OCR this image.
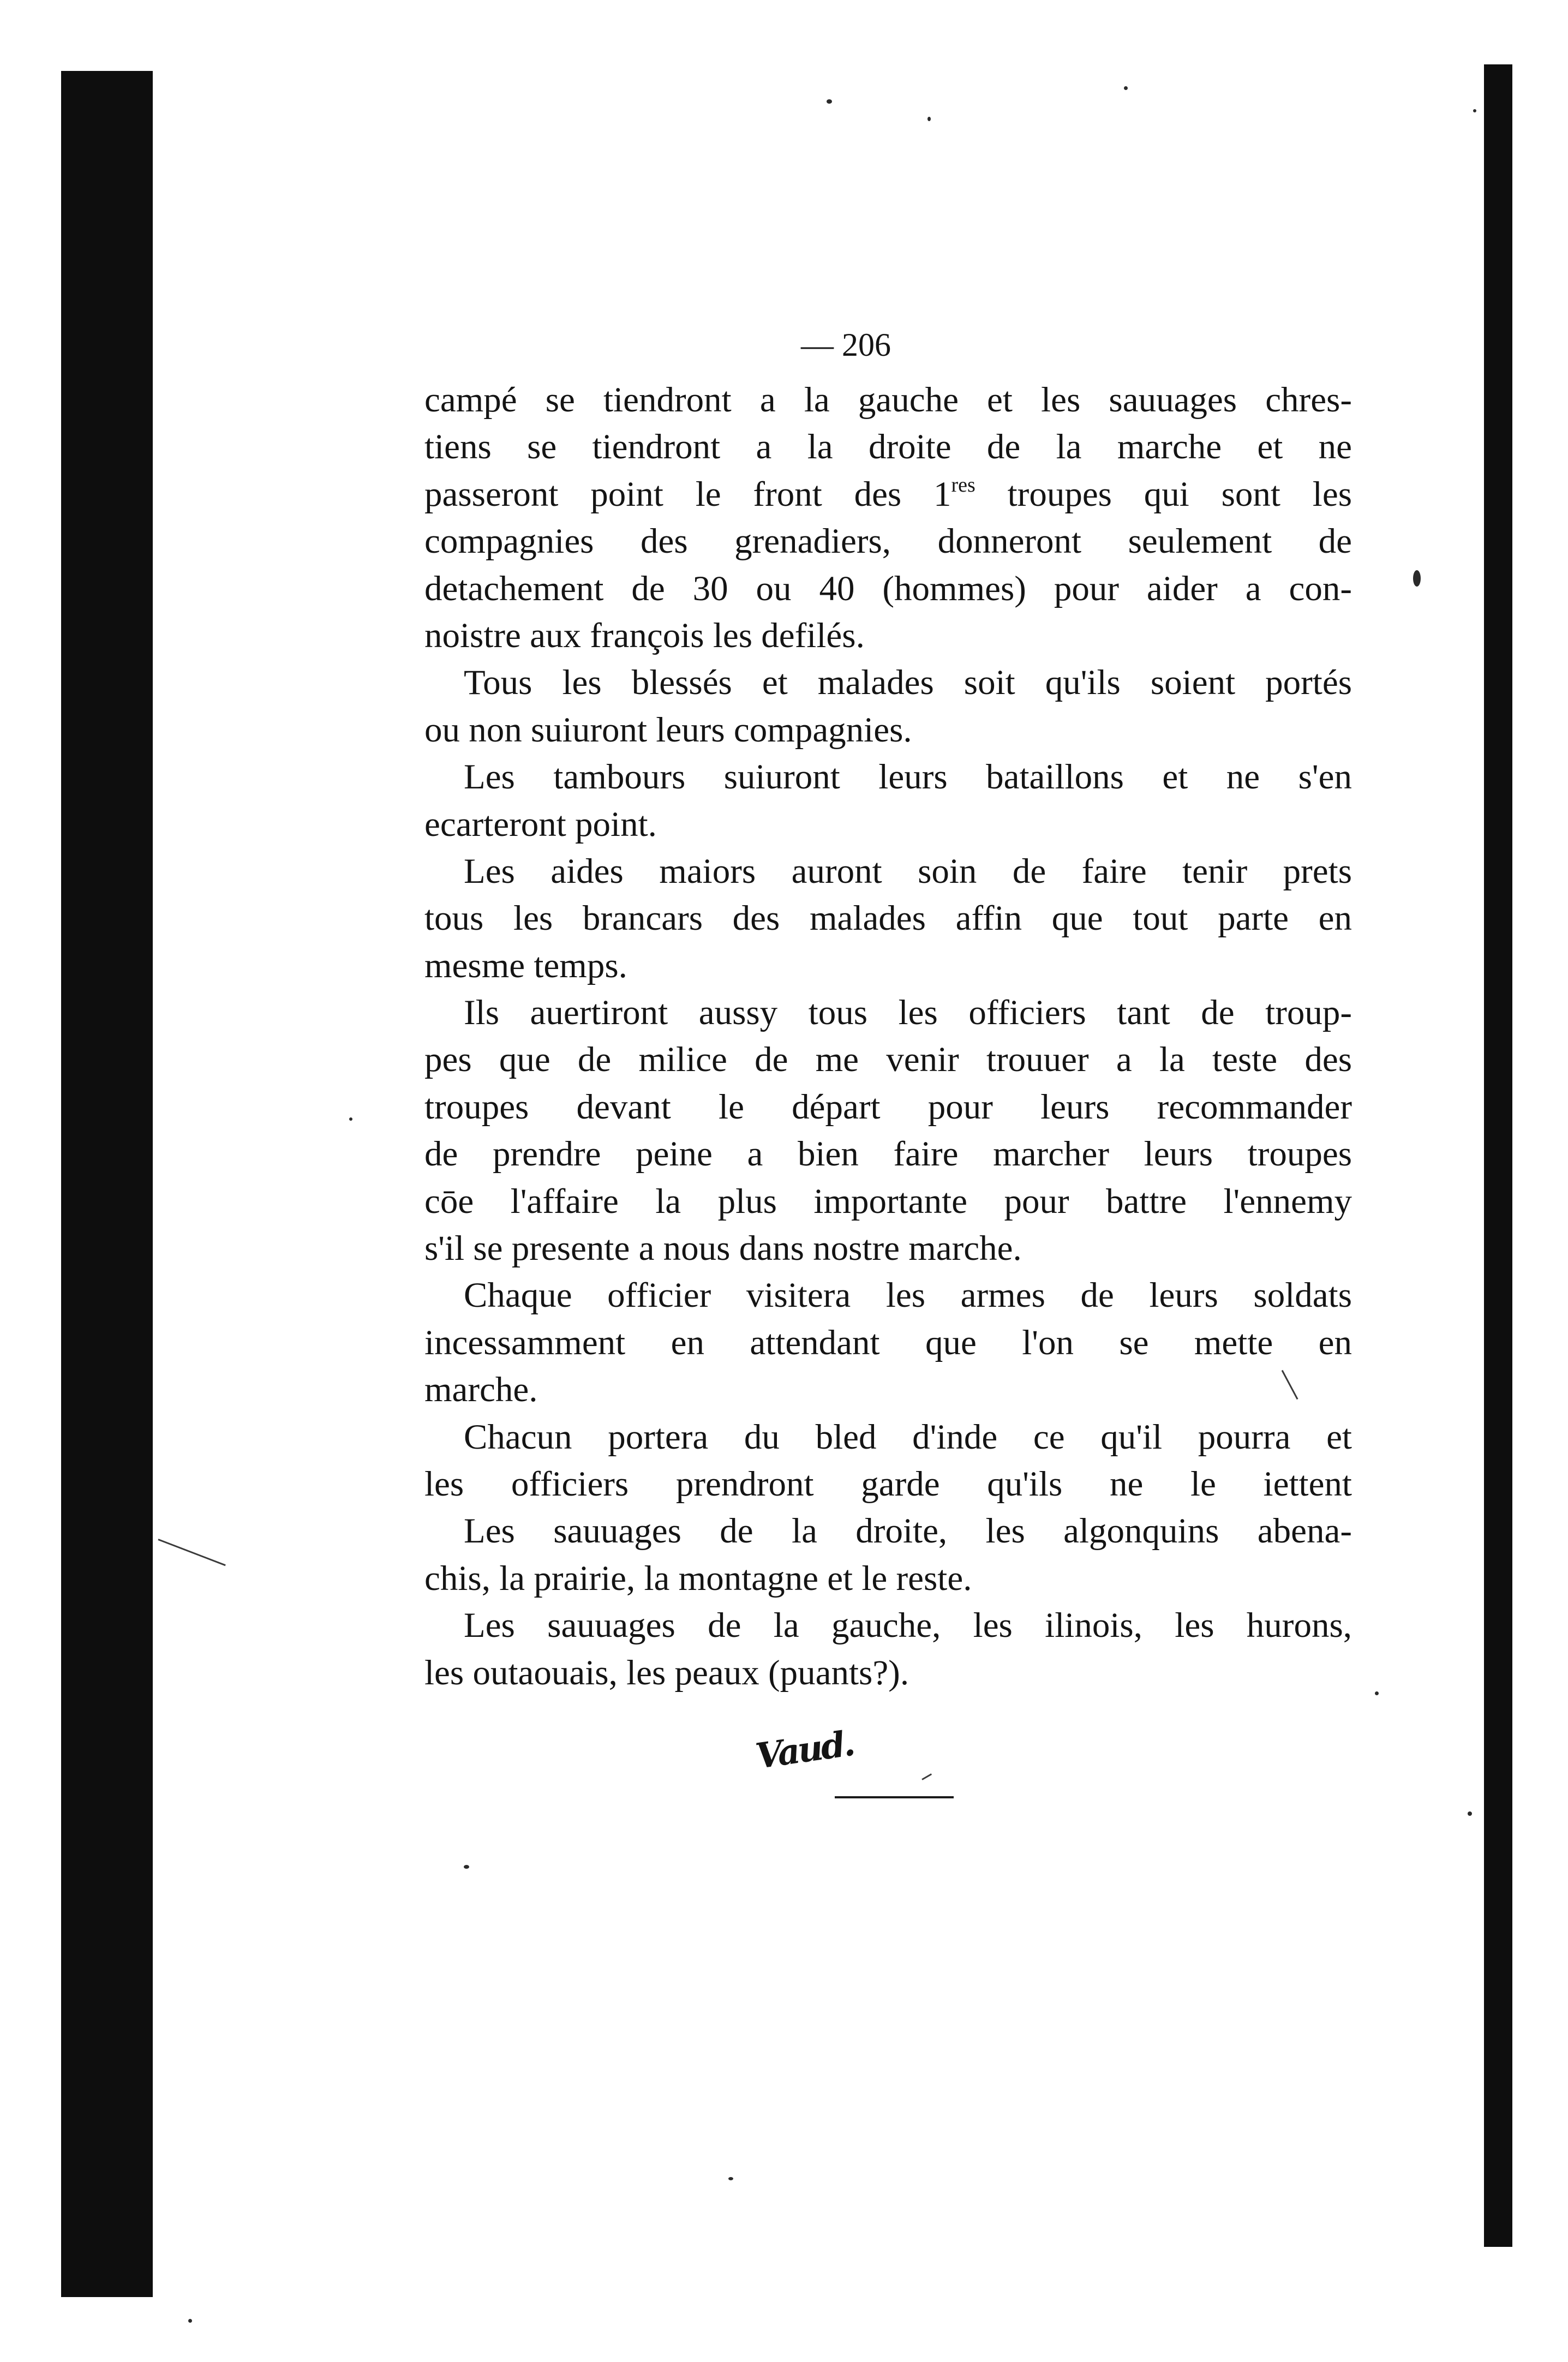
— 206
campé se tiendront a la gauche et les sauuages chres-
tiens se tiendront a la droite de la marche et ne
passeront point le front des 1res troupes qui sont les
compagnies des grenadiers, donneront seulement de
detachement de 30 ou 40 (hommes) pour aider a con-
noistre aux françois les defilés.
Tous les blessés et malades soit qu'ils soient portés
ou non suiuront leurs compagnies.
Les tambours suiuront leurs bataillons et ne s'en
ecarteront point.
Les aides maiors auront soin de faire tenir prets
tous les brancars des malades affin que tout parte en
mesme temps.
Ils auertiront aussy tous les officiers tant de troup-
pes que de milice de me venir trouuer a la teste des
troupes devant le départ pour leurs recommander
de prendre peine a bien faire marcher leurs troupes
cōe l'affaire la plus importante pour battre l'ennemy
s'il se presente a nous dans nostre marche.
Chaque officier visitera les armes de leurs soldats
incessamment en attendant que l'on se mette en
marche.
Chacun portera du bled d'inde ce qu'il pourra et
les officiers prendront garde qu'ils ne le iettent
Les sauuages de la droite, les algonquins abena-
chis, la prairie, la montagne et le reste.
Les sauuages de la gauche, les ilinois, les hurons,
les outaouais, les peaux (puants?).
Vaud.
